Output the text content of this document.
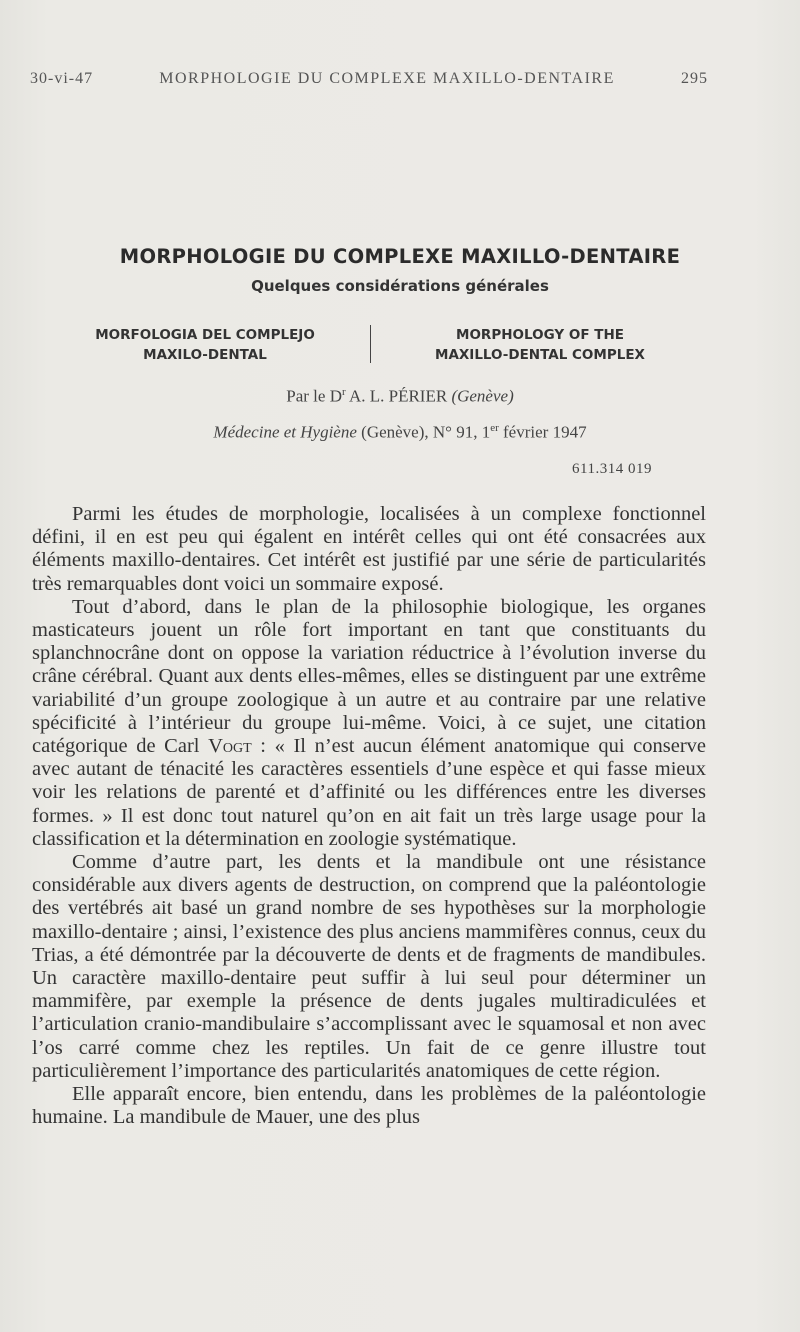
30-vi-47	MORPHOLOGIE DU COMPLEXE MAXILLO-DENTAIRE	295
MORPHOLOGIE DU COMPLEXE MAXILLO-DENTAIRE
Quelques considérations générales
MORFOLOGIA DEL COMPLEJO
MAXILO-DENTAL
MORPHOLOGY OF THE
MAXILLO-DENTAL COMPLEX
Par le $D^r$ A. L. PÉRIER (Genève)
Médecine et Hygiène (Genève), N° 91, 1er février 1947
611.314 019

Parmi les études de morphologie, localisées à un complexe fonctionnel défini, il en est peu qui égalent en intérêt celles qui ont été consacrées aux éléments maxillo-dentaires. Cet intérêt est justifié par une série de particularités très remarquables dont voici un sommaire exposé.

Tout d’abord, dans le plan de la philosophie biologique, les organes masticateurs jouent un rôle fort important en tant que constituants du splanchnocrâne dont on oppose la variation réductrice à l’évolution inverse du crâne cérébral. Quant aux dents elles-mêmes, elles se distinguent par une extrême variabilité d’un groupe zoologique à un autre et au contraire par une relative spécificité à l’intérieur du groupe lui-même. Voici, à ce sujet, une citation catégorique de Carl Vogt : « Il n’est aucun élément anatomique qui conserve avec autant de ténacité les caractères essentiels d’une espèce et qui fasse mieux voir les relations de parenté et d’affinité ou les différences entre les diverses formes. » Il est donc tout naturel qu’on en ait fait un très large usage pour la classification et la détermination en zoologie systématique.

Comme d’autre part, les dents et la mandibule ont une résistance considérable aux divers agents de destruction, on comprend que la paléontologie des vertébrés ait basé un grand nombre de ses hypothèses sur la morphologie maxillo-dentaire ; ainsi, l’existence des plus anciens mammifères connus, ceux du Trias, a été démontrée par la découverte de dents et de fragments de mandibules. Un caractère maxillo-dentaire peut suffir à lui seul pour déterminer un mammifère, par exemple la présence de dents jugales multiradiculées et l’articulation cranio-mandibulaire s’accomplissant avec le squamosal et non avec l’os carré comme chez les reptiles. Un fait de ce genre illustre tout particulièrement l’importance des particularités anatomiques de cette région.

Elle apparaît encore, bien entendu, dans les problèmes de la paléontologie humaine. La mandibule de Mauer, une des plus
